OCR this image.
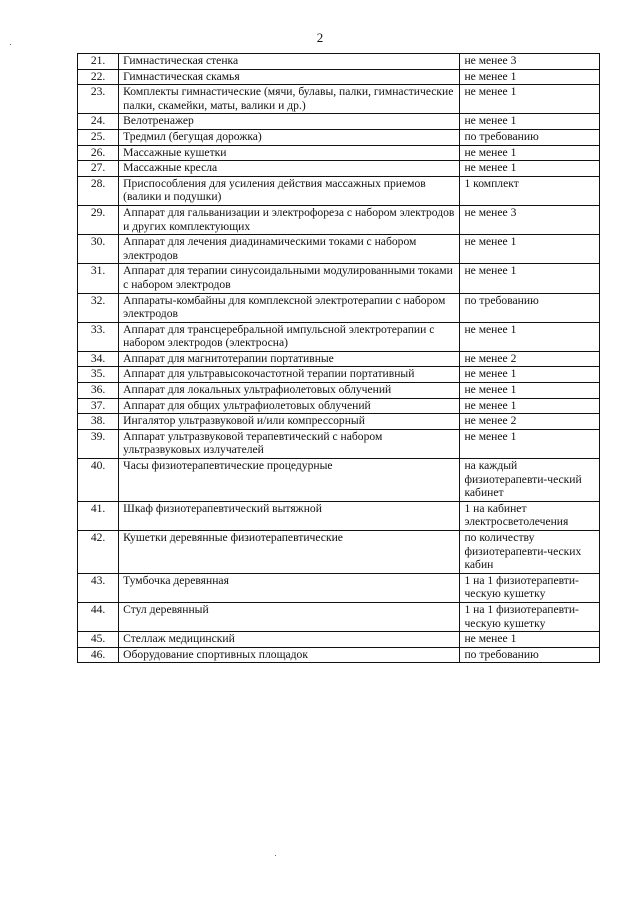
2
21.	Гимнастическая стенка	не менее 3
22.	Гимнастическая скамья	не менее 1
23.	Комплекты гимнастические (мячи, булавы, палки, гимнастические палки, скамейки, маты, валики и др.)	не менее 1
24.	Велотренажер	не менее 1
25.	Тредмил (бегущая дорожка)	по требованию
26.	Массажные кушетки	не менее 1
27.	Массажные кресла	не менее 1
28.	Приспособления для усиления действия массажных приемов (валики и подушки)	1 комплект
29.	Аппарат для гальванизации и электрофореза с набором электродов и других комплектующих	не менее 3
30.	Аппарат для лечения диадинамическими токами с набором электродов	не менее 1
31.	Аппарат для терапии синусоидальными модулированными токами с набором электродов	не менее 1
32.	Аппараты-комбайны для комплексной электротерапии с набором электродов	по требованию
33.	Аппарат для трансцеребральной импульсной электротерапии с набором электродов (электросна)	не менее 1
34.	Аппарат для магнитотерапии портативные	не менее 2
35.	Аппарат для ультравысокочастотной терапии портативный	не менее 1
36.	Аппарат для локальных ультрафиолетовых облучений	не менее 1
37.	Аппарат для общих ультрафиолетовых облучений	не менее 1
38.	Ингалятор ультразвуковой и/или компрессорный	не менее 2
39.	Аппарат ультразвуковой терапевтический с набором ультразвуковых излучателей	не менее 1
40.	Часы физиотерапевтические процедурные	на каждый физиотерапевти-ческий кабинет
41.	Шкаф физиотерапевтический вытяжной	1 на кабинет электросветолечения
42.	Кушетки деревянные физиотерапевтические	по количеству физиотерапевти-ческих кабин
43.	Тумбочка деревянная	1 на 1 физиотерапевти-ческую кушетку
44.	Стул деревянный	1 на 1 физиотерапевти-ческую кушетку
45.	Стеллаж медицинский	не менее 1
46.	Оборудование спортивных площадок	по требованию
